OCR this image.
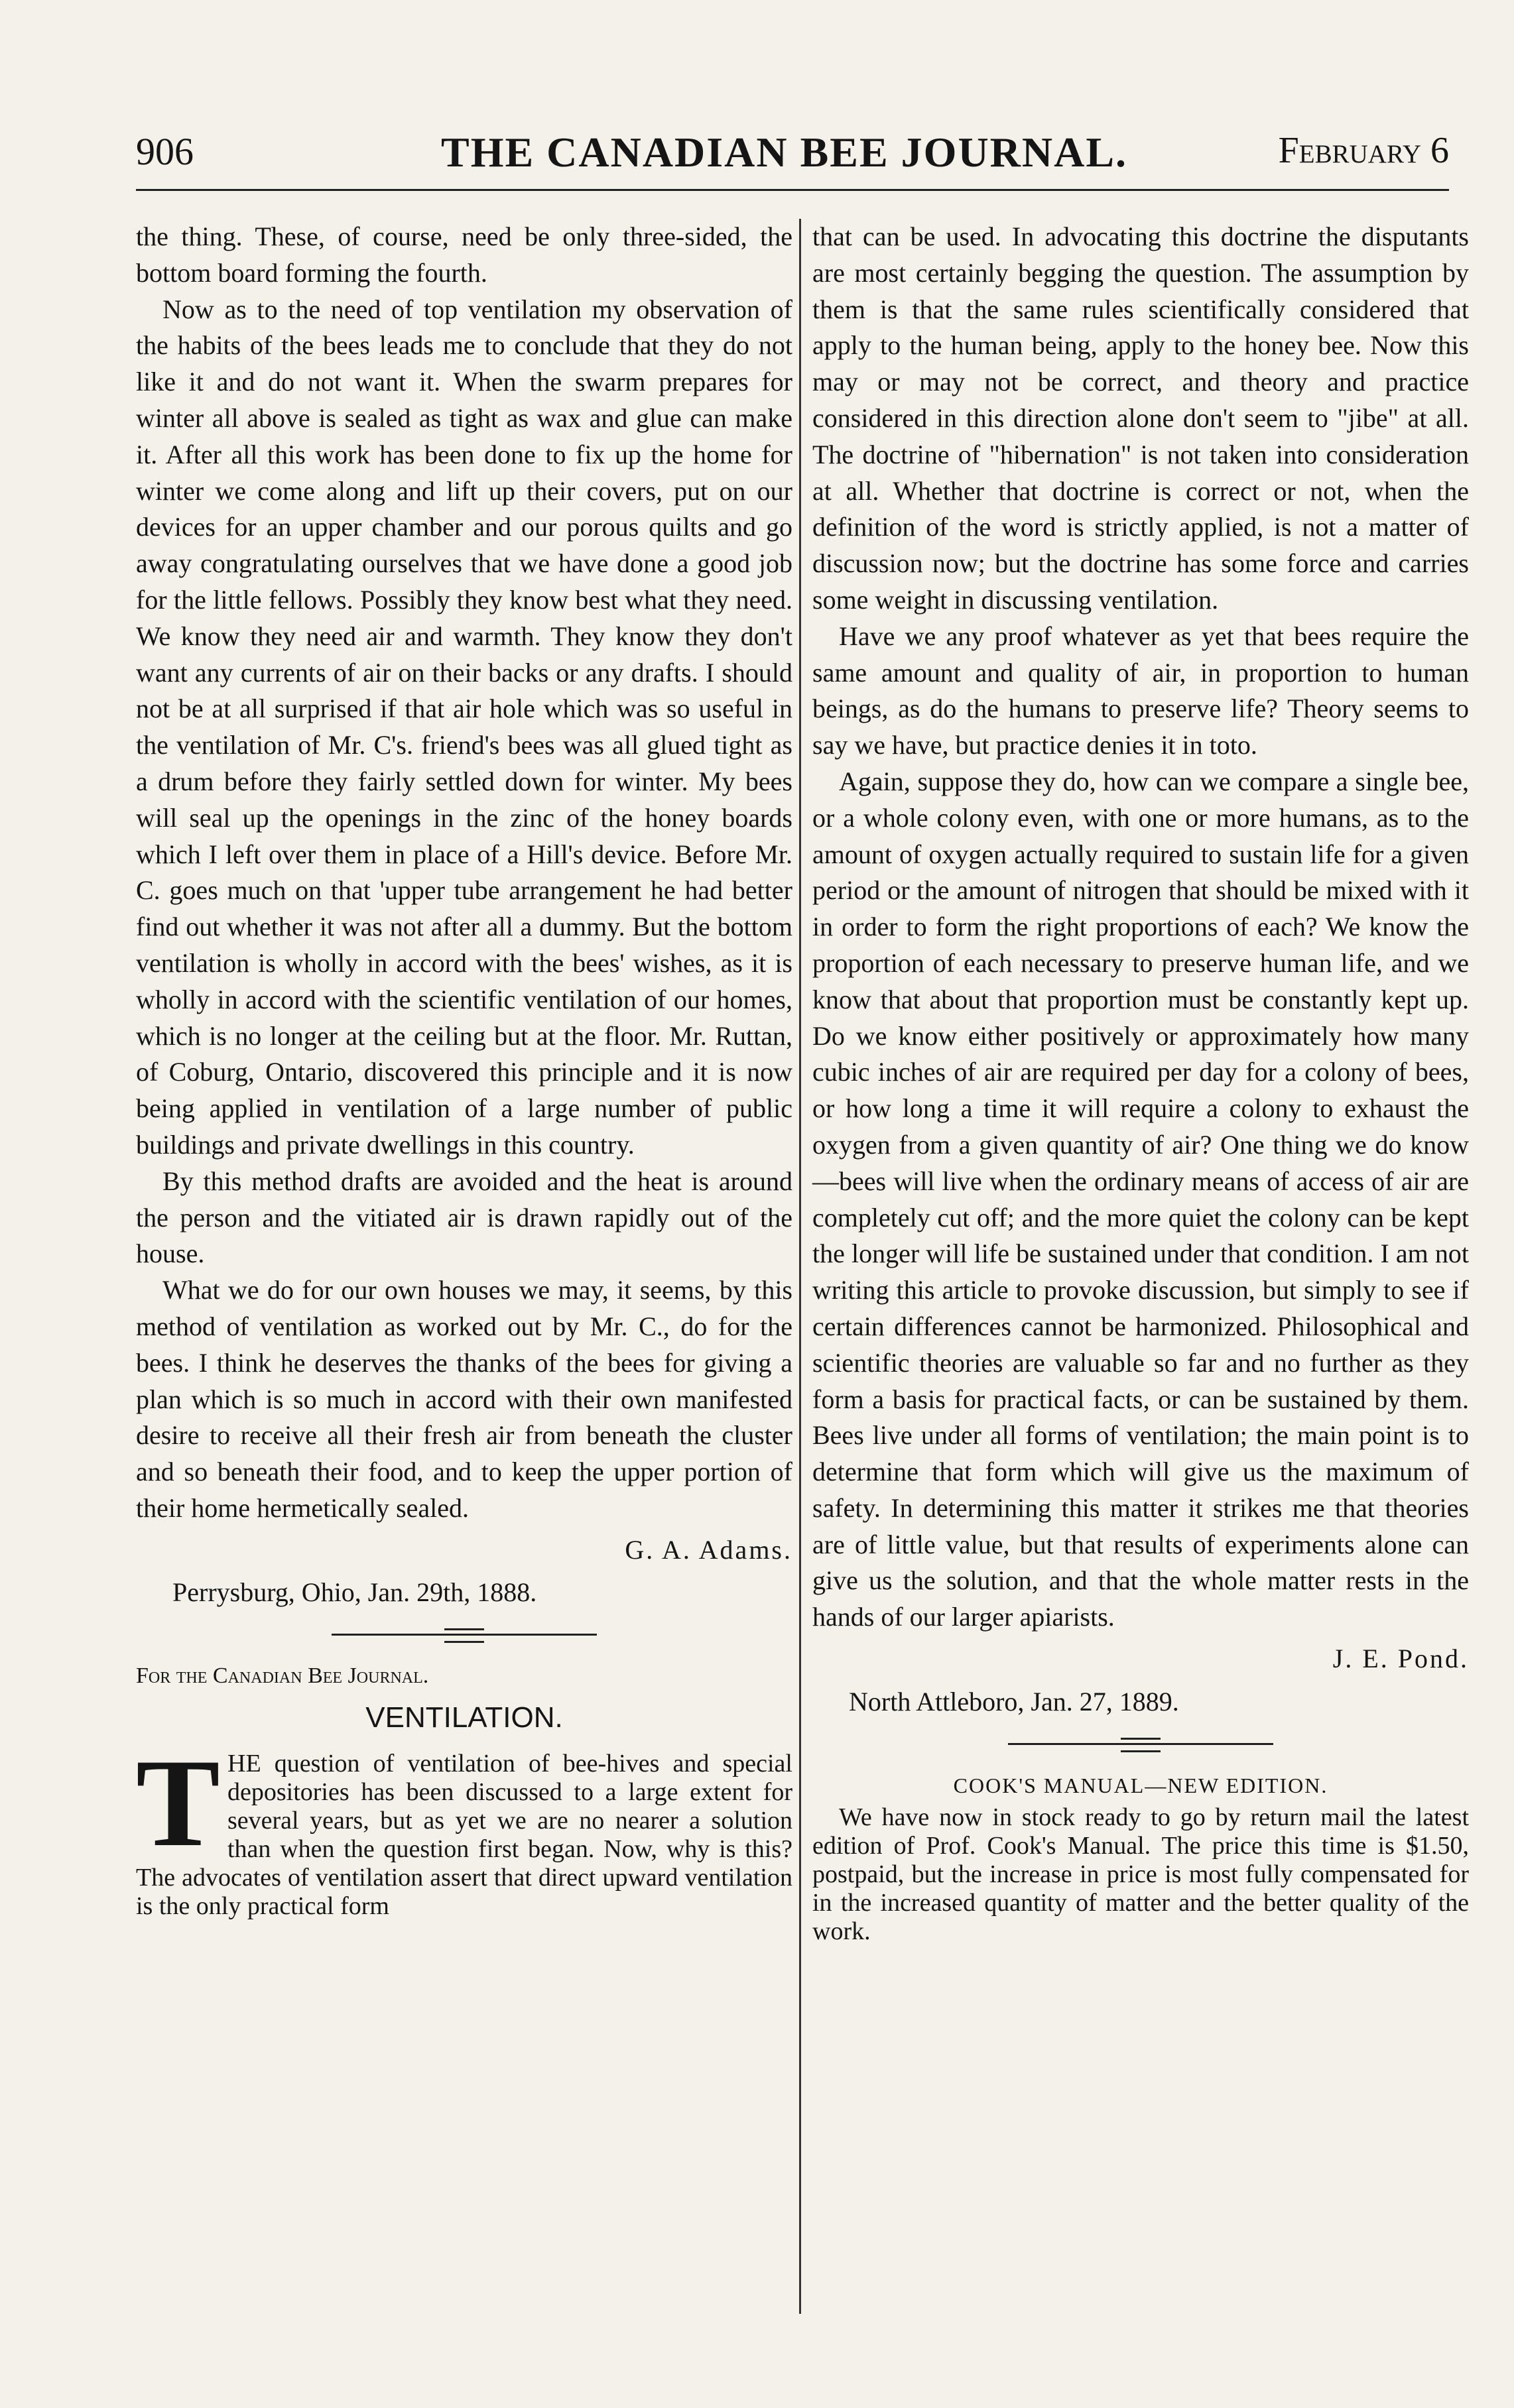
906	THE CANADIAN BEE JOURNAL.	February 6

the thing. These, of course, need be only three-sided, the bottom board forming the fourth.

Now as to the need of top ventilation my observation of the habits of the bees leads me to conclude that they do not like it and do not want it. When the swarm prepares for winter all above is sealed as tight as wax and glue can make it. After all this work has been done to fix up the home for winter we come along and lift up their covers, put on our devices for an upper chamber and our porous quilts and go away congratulating ourselves that we have done a good job for the little fellows. Possibly they know best what they need. We know they need air and warmth. They know they don't want any currents of air on their backs or any drafts. I should not be at all surprised if that air hole which was so useful in the ventilation of Mr. C's. friend's bees was all glued tight as a drum before they fairly settled down for winter. My bees will seal up the openings in the zinc of the honey boards which I left over them in place of a Hill's device. Before Mr. C. goes much on that 'upper tube arrangement he had better find out whether it was not after all a dummy. But the bottom ventilation is wholly in accord with the bees' wishes, as it is wholly in accord with the scientific ventilation of our homes, which is no longer at the ceiling but at the floor. Mr. Ruttan, of Coburg, Ontario, discovered this principle and it is now being applied in ventilation of a large number of public buildings and private dwellings in this country.

By this method drafts are avoided and the heat is around the person and the vitiated air is drawn rapidly out of the house.

What we do for our own houses we may, it seems, by this method of ventilation as worked out by Mr. C., do for the bees. I think he deserves the thanks of the bees for giving a plan which is so much in accord with their own manifested desire to receive all their fresh air from beneath the cluster and so beneath their food, and to keep the upper portion of their home hermetically sealed.

G. A. Adams.

Perrysburg, Ohio, Jan. 29th, 1888.

For the Canadian Bee Journal.

VENTILATION.

T HE question of ventilation of bee-hives and special depositories has been discussed to a large extent for several years, but as yet we are no nearer a solution than when the question first began. Now, why is this? The advocates of ventilation assert that direct upward ventilation is the only practical form

that can be used. In advocating this doctrine the disputants are most certainly begging the question. The assumption by them is that the same rules scientifically considered that apply to the human being, apply to the honey bee. Now this may or may not be correct, and theory and practice considered in this direction alone don't seem to "jibe" at all. The doctrine of "hibernation" is not taken into consideration at all. Whether that doctrine is correct or not, when the definition of the word is strictly applied, is not a matter of discussion now; but the doctrine has some force and carries some weight in discussing ventilation.

Have we any proof whatever as yet that bees require the same amount and quality of air, in proportion to human beings, as do the humans to preserve life? Theory seems to say we have, but practice denies it in toto.

Again, suppose they do, how can we compare a single bee, or a whole colony even, with one or more humans, as to the amount of oxygen actually required to sustain life for a given period or the amount of nitrogen that should be mixed with it in order to form the right proportions of each? We know the proportion of each necessary to preserve human life, and we know that about that proportion must be constantly kept up. Do we know either positively or approximately how many cubic inches of air are required per day for a colony of bees, or how long a time it will require a colony to exhaust the oxygen from a given quantity of air? One thing we do know—bees will live when the ordinary means of access of air are completely cut off; and the more quiet the colony can be kept the longer will life be sustained under that condition. I am not writing this article to provoke discussion, but simply to see if certain differences cannot be harmonized. Philosophical and scientific theories are valuable so far and no further as they form a basis for practical facts, or can be sustained by them. Bees live under all forms of ventilation; the main point is to determine that form which will give us the maximum of safety. In determining this matter it strikes me that theories are of little value, but that results of experiments alone can give us the solution, and that the whole matter rests in the hands of our larger apiarists.

J. E. Pond.

North Attleboro, Jan. 27, 1889.

COOK'S MANUAL—NEW EDITION.

We have now in stock ready to go by return mail the latest edition of Prof. Cook's Manual. The price this time is $1.50, postpaid, but the increase in price is most fully compensated for in the increased quantity of matter and the better quality of the work.
